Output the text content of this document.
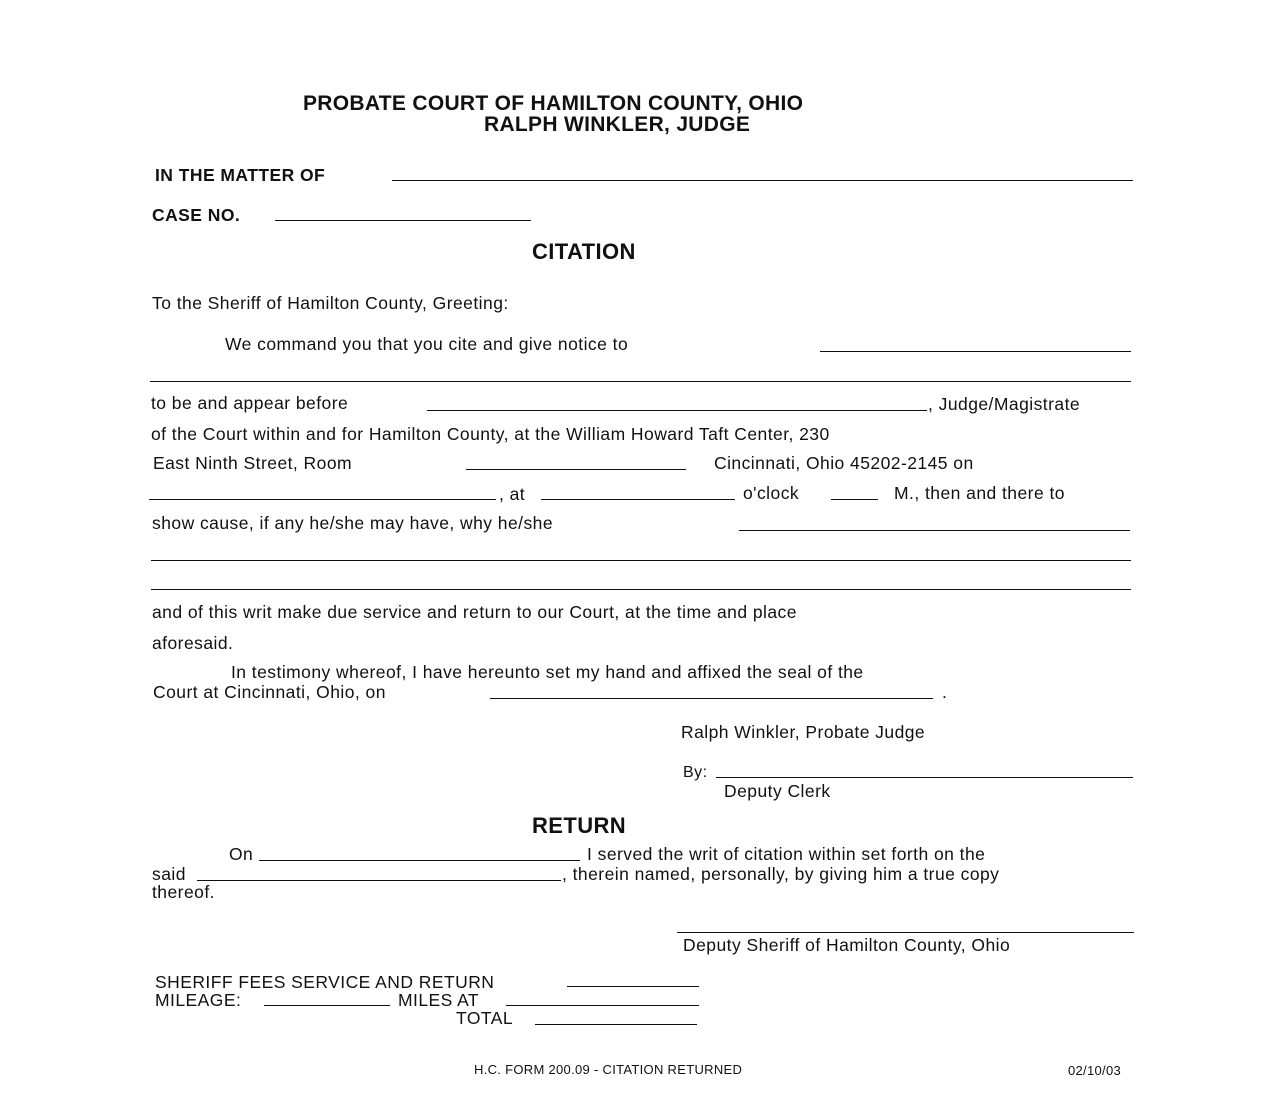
PROBATE COURT OF HAMILTON COUNTY, OHIO
RALPH WINKLER, JUDGE
IN THE MATTER OF
CASE NO.
CITATION
To the Sheriff of Hamilton County, Greeting:
We command you that you cite and give notice to
to be and appear before	, Judge/Magistrate
of the Court within and for Hamilton County, at the William Howard Taft Center, 230
East Ninth Street, Room	Cincinnati, Ohio 45202-2145 on
, at	o'clock	M., then and there to
show cause, if any he/she may have, why he/she
and of this writ make due service and return to our Court, at the time and place
aforesaid.
In testimony whereof, I have hereunto set my hand and affixed the seal of the
Court at Cincinnati, Ohio, on	.
Ralph Winkler, Probate Judge
By:
Deputy Clerk
RETURN
On	I served the writ of citation within set forth on the
said	, therein named, personally, by giving him a true copy
thereof.
Deputy Sheriff of Hamilton County, Ohio
SHERIFF FEES SERVICE AND RETURN
MILEAGE:	MILES AT
TOTAL
H.C. FORM 200.09 - CITATION RETURNED	02/10/03
